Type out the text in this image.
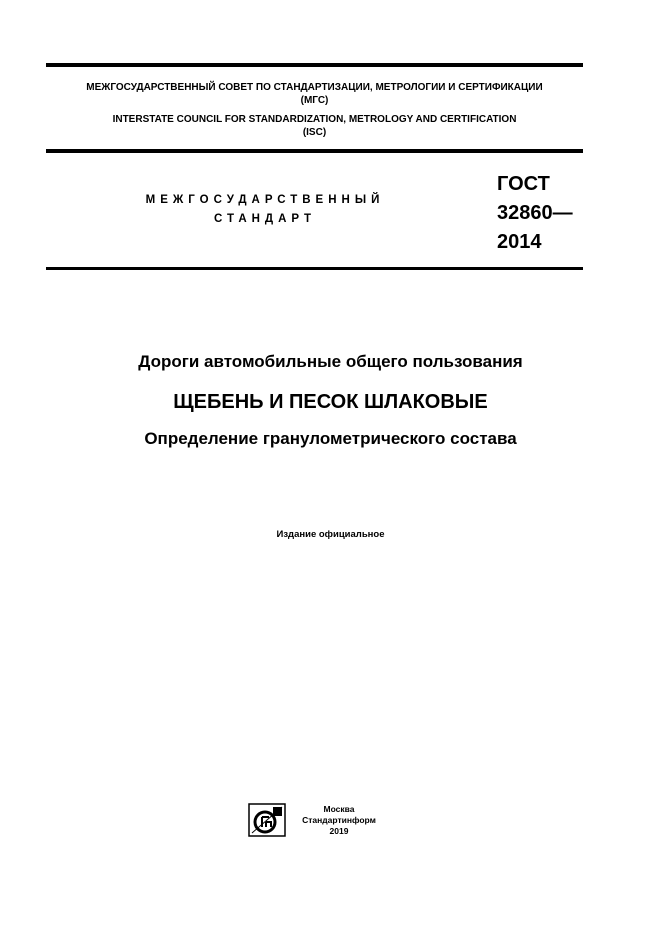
МЕЖГОСУДАРСТВЕННЫЙ СОВЕТ ПО СТАНДАРТИЗАЦИИ, МЕТРОЛОГИИ И СЕРТИФИКАЦИИ
(МГС)
INTERSTATE COUNCIL FOR STANDARDIZATION, METROLOGY AND CERTIFICATION
(ISC)
МЕЖГОСУДАРСТВЕННЫЙ
СТАНДАРТ
ГОСТ
32860—
2014
Дороги автомобильные общего пользования
ЩЕБЕНЬ И ПЕСОК ШЛАКОВЫЕ
Определение гранулометрического состава
Издание официальное
Москва
Стандартинформ
2019
